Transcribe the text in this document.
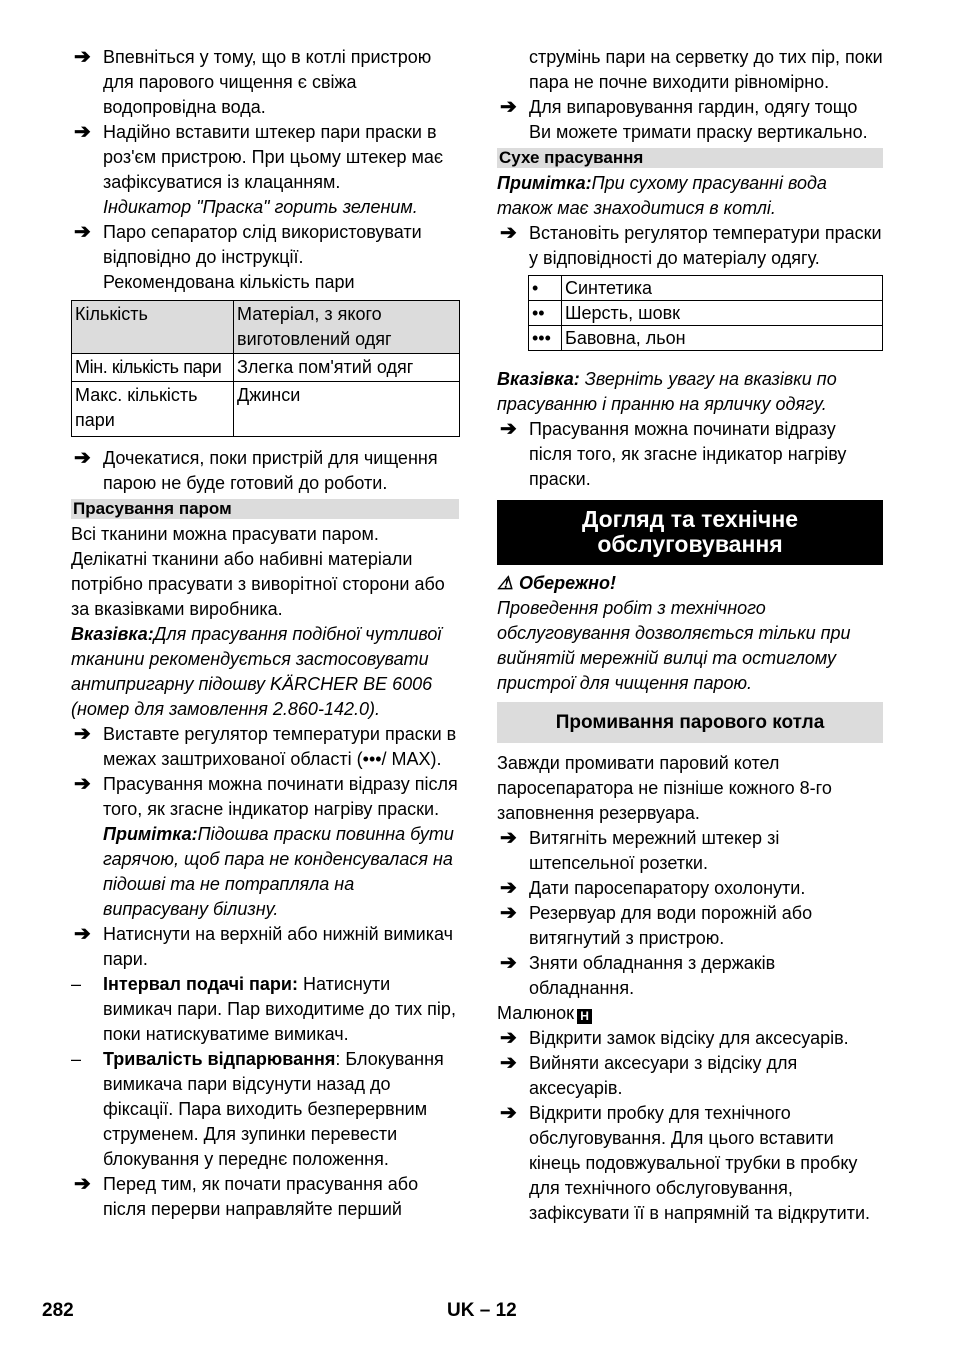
➔ Впевніться у тому, що в котлі пристрою для парового чищення є свіжа водопровідна вода.

➔ Надійно вставити штекер пари праски в роз'єм пристрою. При цьому штекер має зафіксуватися із клацанням.

Індикатор "Праска" горить зеленим.

➔ Паро сепаратор слід використовувати відповідно до інструкції.

Рекомендована кількість пари

Кількість	Матеріал, з якого виготовлений одяг
Мін. кількість пари	Злегка пом'ятий одяг
Макс. кількість пари	Джинси

➔ Дочекатися, поки пристрій для чищення парою не буде готовий до роботи.

Прасування паром

Всі тканини можна прасувати паром. Делікатні тканини або набивні матеріали потрібно прасувати з виворітної сторони або за вказівками виробника.

Вказівка:Для прасування подібної чутливої тканини рекомендується застосовувати антипригарну підошву KÄRCHER BE 6006 (номер для замовлення 2.860-142.0).

➔ Виставте регулятор температури праски в межах заштрихованої області (•••/ MAX).

➔ Прасування можна починати відразу після того, як згасне індикатор нагріву праски.

Примітка:Підошва праски повинна бути гарячою, щоб пара не конденсувалася на підошві та не потрапляла на випрасувану білизну.

➔ Натиснути на верхній або нижній вимикач пари.

– Інтервал подачі пари: Натиснути вимикач пари. Пар виходитиме до тих пір, поки натискуватиме вимикач.

– Тривалість відпарювання: Блокування вимикача пари відсунути назад до фіксації. Пара виходить безперервним струменем. Для зупинки перевести блокування у переднє положення.

➔ Перед тим, як почати прасування або після перерви направляйте перший

струмінь пари на серветку до тих пір, поки пара не почне виходити рівномірно.

➔ Для випаровування гардин, одягу тощо Ви можете тримати праску вертикально.

Сухе прасування

Примітка:При сухому прасуванні вода також має знаходитися в котлі.

➔ Встановіть регулятор температури праски у відповідності до матеріалу одягу.

•	Синтетика
••	Шерсть, шовк
•••	Бавовна, льон

Вказівка: Зверніть увагу на вказівки по прасуванню і пранню на ярличку одягу.

➔ Прасування можна починати відразу після того, як згасне індикатор нагріву праски.

Догляд та технічне обслуговування

⚠ Обережно!

Проведення робіт з технічного обслуговування дозволяється тільки при вийнятій мережній вилці та остиглому пристрої для чищення парою.

Промивання парового котла

Завжди промивати паровий котел паросепаратора не пізніше кожного 8-го заповнення резервуара.

➔ Витягніть мережний штекер зі штепсельної розетки.

➔ Дати паросепаратору охолонути.

➔ Резервуар для води порожній або витягнутий з пристрою.

➔ Зняти обладнання з держаків обладнання.

Малюнок H

➔ Відкрити замок відсіку для аксесуарів.

➔ Вийняти аксесуари з відсіку для аксесуарів.

➔ Відкрити пробку для технічного обслуговування. Для цього вставити кінець подовжувальної трубки в пробку для технічного обслуговування, зафіксувати її в напрямній та відкрутити.

282	UK – 12
